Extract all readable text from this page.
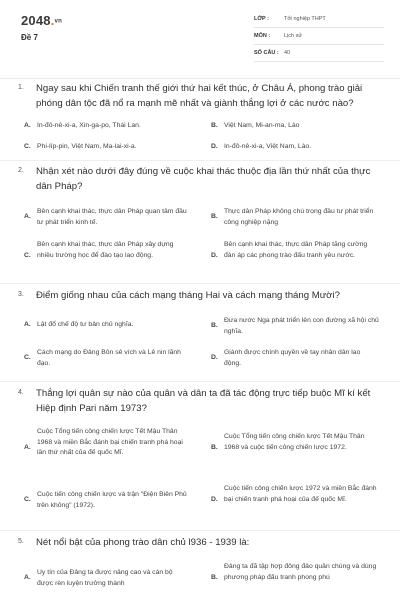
2048.vn
Đề 7
LỚP :	Tốt nghiệp THPT
MÔN :	Lịch sử
SỐ CÂU : 40
1. Ngay sau khi Chiến tranh thế giới thứ hai kết thúc, ở Châu Á, phong trào giải phóng dân tộc đã nổ ra mạnh mẽ nhất và giành thắng lợi ở các nước nào?
A. In-đô-nê-xi-a, Xin-ga-po, Thái Lan.	B. Việt Nam, Mi-an-ma, Lào
C. Phi-líp-pin, Việt Nam, Ma-lai-xi-a.	D. In-đô-nê-xi-a, Việt Nam, Lào.
2. Nhận xét nào dưới đây đúng về cuộc khai thác thuộc địa lần thứ nhất của thực dân Pháp?
A.
Bên cạnh khai thác, thực dân Pháp quan tâm đầu tư phát triển kinh tế.
B.
Thực dân Pháp không chú trọng đầu tư phát triển công nghiệp nặng
C.
Bên cạnh khai thác, thực dân Pháp xây dựng nhiều trường học để đào tạo lao động.	D.
Bên cạnh khai thác, thực dân Pháp tăng cường đàn áp các phong trào đấu tranh yêu nước.
3. Điểm giống nhau của cách mạng tháng Hai và cách mạng tháng Mười?
A. Lật đổ chế độ tư bản chủ nghĩa.	B.
Đưa nước Nga phát triển lên con đường xã hội chủ nghĩa.
C.
Cách mạng do Đảng Bôn sê vích và Lê nin lãnh đạo.
D.
Giành được chính quyền về tay nhân dân lao động.
4. Thắng lợi quân sự nào của quân và dân ta đã tác động trực tiếp buộc Mĩ kí kết Hiệp định Pari năm 1973?
A.
Cuộc Tổng tiến công chiến lược Tết Mậu Thân 1968 và miền Bắc đánh bại chiến tranh phá hoại lần thứ nhất của đế quốc Mĩ.
B.
Cuộc Tổng tiến công chiến lược Tết Mậu Thân 1968 và cuộc tiến công chiến lược 1972.
C.
Cuộc tiến công chiến lược và trận "Điện Biên Phủ trên không" (1972).
D.
Cuộc tiến công chiến lược 1972 và miền Bắc đánh bại chiến tranh phá hoại của đế quốc Mĩ.
5. Nét nổi bật của phong trào dân chủ l936 - 1939 là:
A.
Uy tín của Đảng ta được nâng cao và cán bộ được rèn luyện trưởng thành
B.
Đảng ta đã tập hợp đông đảo quần chúng và dùng phương pháp đấu tranh phong phú
